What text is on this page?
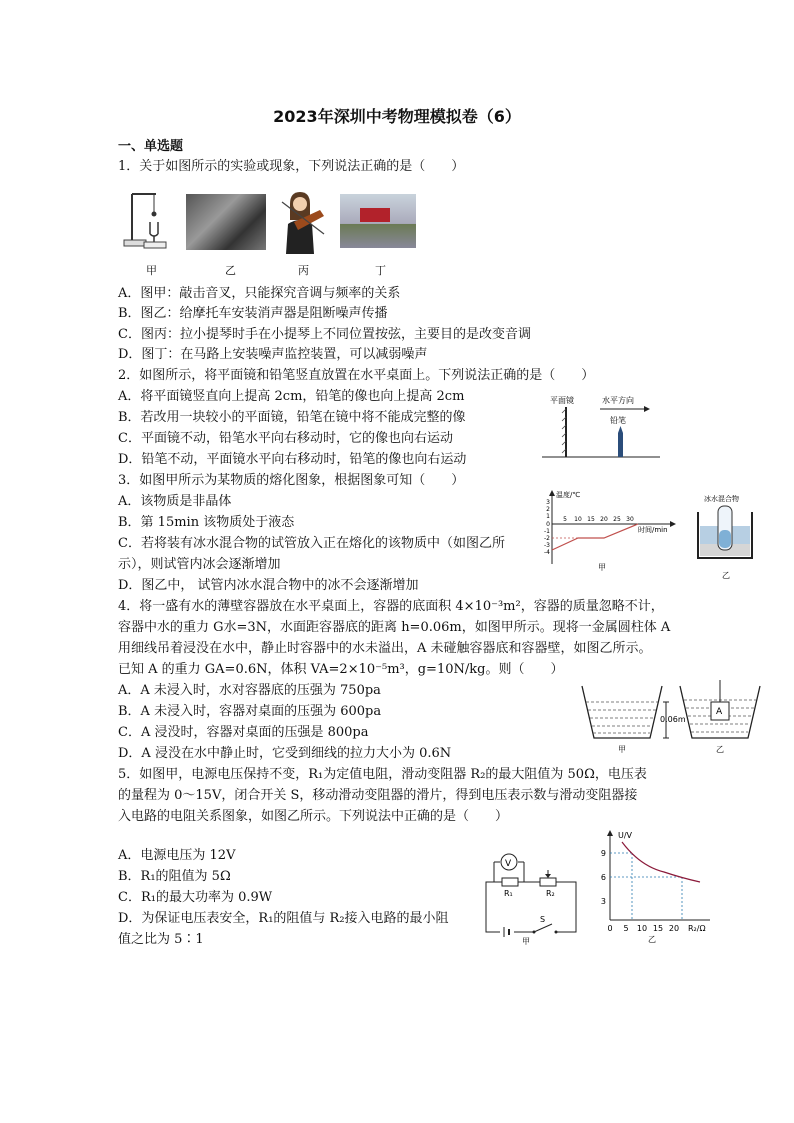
2023年深圳中考物理模拟卷（6）
一、单选题
1．关于如图所示的实验或现象，下列说法正确的是（　　）
甲	乙	丙	丁
A．图甲：敲击音叉，只能探究音调与频率的关系
B．图乙：给摩托车安装消声器是阻断噪声传播
C．图丙：拉小提琴时手在小提琴上不同位置按弦，主要目的是改变音调
D．图丁：在马路上安装噪声监控装置，可以减弱噪声
2．如图所示，将平面镜和铅笔竖直放置在水平桌面上。下列说法正确的是（　　）
A．将平面镜竖直向上提高 2cm，铅笔的像也向上提高 2cm
B．若改用一块较小的平面镜，铅笔在镜中将不能成完整的像
C．平面镜不动，铅笔水平向右移动时，它的像也向右运动
D．铅笔不动，平面镜水平向右移动时，铅笔的像也向右运动
平面镜	水平方向
铅笔
3．如图甲所示为某物质的熔化图象，根据图象可知（　　）
A．该物质是非晶体
B．第 15min 该物质处于液态
C．若将装有冰水混合物的试管放入正在熔化的该物质中（如图乙所
示），则试管内冰会逐渐增加
D．图乙中， 试管内冰水混合物中的冰不会逐渐增加
温度/℃
时间/min
3
2
1
0
-1
-2
-3
-4
5 10 15 20 25 30
甲
冰水混合物
乙
4．将一盛有水的薄壁容器放在水平桌面上，容器的底面积 4×10⁻³m²，容器的质量忽略不计，
容器中水的重力 G水=3N，水面距容器底的距离 h=0.06m，如图甲所示。现将一金属圆柱体 A
用细线吊着浸没在水中，静止时容器中的水未溢出，A 未碰触容器底和容器壁，如图乙所示。
已知 A 的重力 GA=0.6N，体积 VA=2×10⁻⁵m³，g=10N/kg。则（　　）
A．A 未浸入时，水对容器底的压强为 750pa
B．A 未浸入时，容器对桌面的压强为 600pa
C．A 浸没时，容器对桌面的压强是 800pa
D．A 浸没在水中静止时，它受到细线的拉力大小为 0.6N
0.06m
A
甲	乙
5．如图甲，电源电压保持不变，R₁为定值电阻，滑动变阻器 R₂的最大阻值为 50Ω，电压表
的量程为 0～15V，闭合开关 S，移动滑动变阻器的滑片，得到电压表示数与滑动变阻器接
入电路的电阻关系图象，如图乙所示。下列说法中正确的是（　　）
A．电源电压为 12V
B．R₁的阻值为 5Ω
C．R₁的最大功率为 0.9W
D．为保证电压表安全，R₁的阻值与 R₂接入电路的最小阻
值之比为 5∶1
V
R₁	R₂
S
甲
U/V
9
6
3
0 5 10 15 20 R₂/Ω
乙
